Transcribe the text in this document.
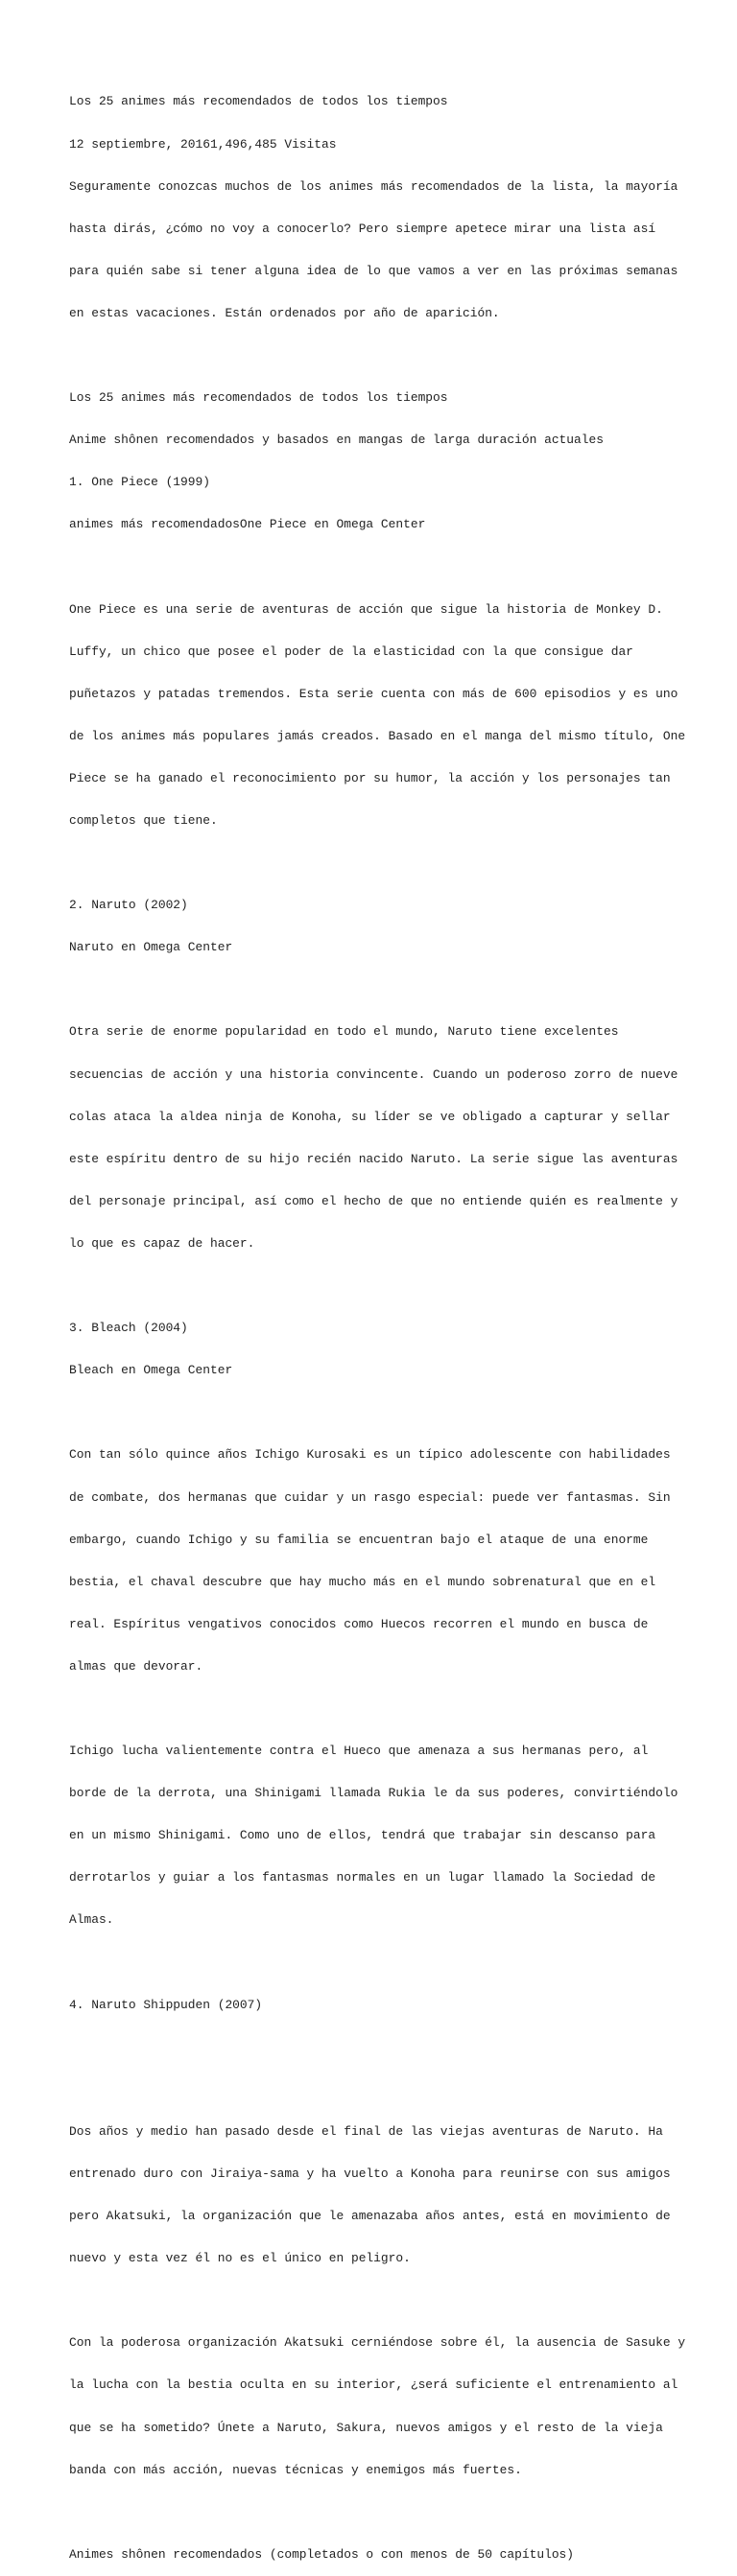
Los 25 animes más recomendados de todos los tiempos

12 septiembre, 20161,496,485 Visitas

Seguramente conozcas muchos de los animes más recomendados de la lista, la mayoría

hasta dirás, ¿cómo no voy a conocerlo? Pero siempre apetece mirar una lista así

para quién sabe si tener alguna idea de lo que vamos a ver en las próximas semanas

en estas vacaciones. Están ordenados por año de aparición.

Los 25 animes más recomendados de todos los tiempos

Anime shônen recomendados y basados en mangas de larga duración actuales

1. One Piece (1999)

animes más recomendadosOne Piece en Omega Center

One Piece es una serie de aventuras de acción que sigue la historia de Monkey D.

Luffy, un chico que posee el poder de la elasticidad con la que consigue dar

puñetazos y patadas tremendos. Esta serie cuenta con más de 600 episodios y es uno

de los animes más populares jamás creados. Basado en el manga del mismo título, One

Piece se ha ganado el reconocimiento por su humor, la acción y los personajes tan

completos que tiene.

2. Naruto (2002)

Naruto en Omega Center

Otra serie de enorme popularidad en todo el mundo, Naruto tiene excelentes

secuencias de acción y una historia convincente. Cuando un poderoso zorro de nueve

colas ataca la aldea ninja de Konoha, su líder se ve obligado a capturar y sellar

este espíritu dentro de su hijo recién nacido Naruto. La serie sigue las aventuras

del personaje principal, así como el hecho de que no entiende quién es realmente y

lo que es capaz de hacer.

3. Bleach (2004)

Bleach en Omega Center

Con tan sólo quince años Ichigo Kurosaki es un típico adolescente con habilidades

de combate, dos hermanas que cuidar y un rasgo especial: puede ver fantasmas. Sin

embargo, cuando Ichigo y su familia se encuentran bajo el ataque de una enorme

bestia, el chaval descubre que hay mucho más en el mundo sobrenatural que en el

real. Espíritus vengativos conocidos como Huecos recorren el mundo en busca de

almas que devorar.

Ichigo lucha valientemente contra el Hueco que amenaza a sus hermanas pero, al

borde de la derrota, una Shinigami llamada Rukia le da sus poderes, convirtiéndolo

en un mismo Shinigami. Como uno de ellos, tendrá que trabajar sin descanso para

derrotarlos y guiar a los fantasmas normales en un lugar llamado la Sociedad de

Almas.

4. Naruto Shippuden (2007)

Dos años y medio han pasado desde el final de las viejas aventuras de Naruto. Ha

entrenado duro con Jiraiya-sama y ha vuelto a Konoha para reunirse con sus amigos

pero Akatsuki, la organización que le amenazaba años antes, está en movimiento de

nuevo y esta vez él no es el único en peligro.

Con la poderosa organización Akatsuki cerniéndose sobre él, la ausencia de Sasuke y

la lucha con la bestia oculta en su interior, ¿será suficiente el entrenamiento al

que se ha sometido? Únete a Naruto, Sakura, nuevos amigos y el resto de la vieja

banda con más acción, nuevas técnicas y enemigos más fuertes.

Animes shônen recomendados (completados o con menos de 50 capítulos)
